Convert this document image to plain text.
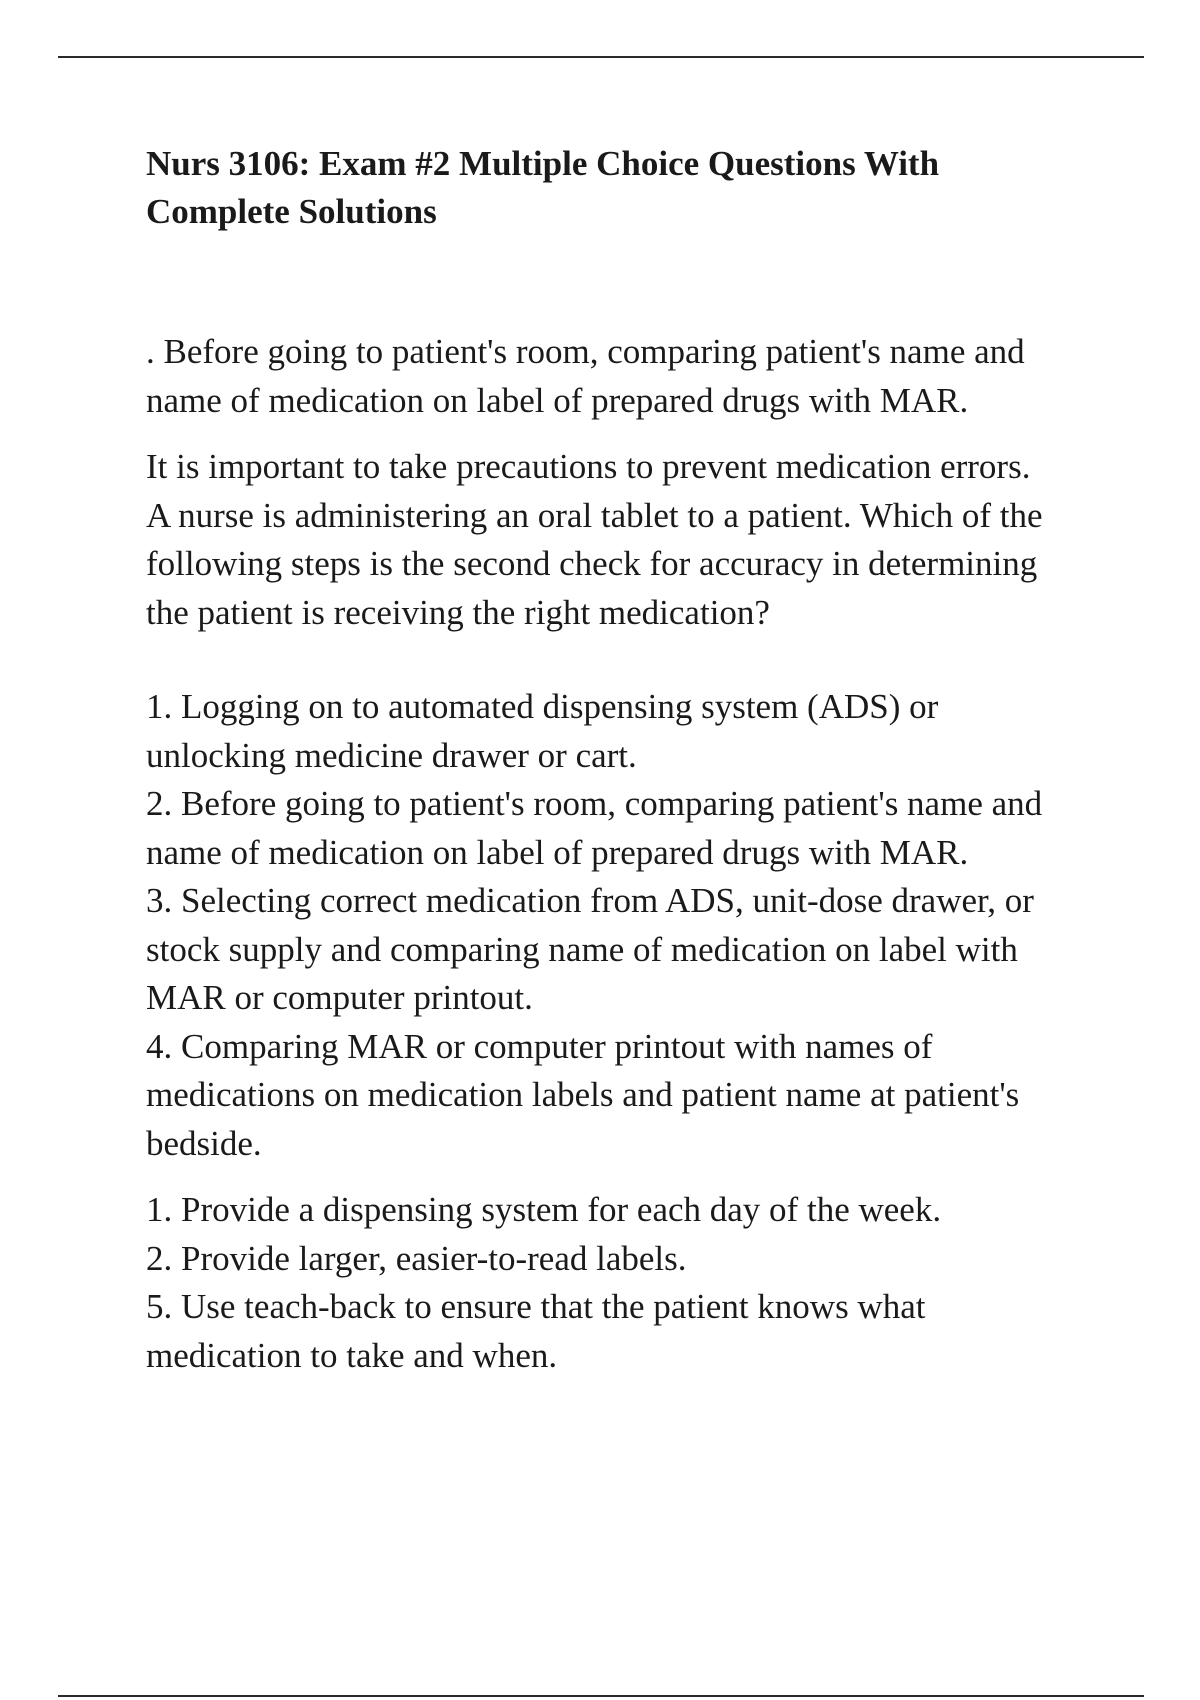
Nurs 3106: Exam #2 Multiple Choice Questions With
Complete Solutions

. Before going to patient's room, comparing patient's name and
name of medication on label of prepared drugs with MAR.

It is important to take precautions to prevent medication errors.
A nurse is administering an oral tablet to a patient. Which of the
following steps is the second check for accuracy in determining
the patient is receiving the right medication?

1. Logging on to automated dispensing system (ADS) or
unlocking medicine drawer or cart.
2. Before going to patient's room, comparing patient's name and
name of medication on label of prepared drugs with MAR.
3. Selecting correct medication from ADS, unit-dose drawer, or
stock supply and comparing name of medication on label with
MAR or computer printout.
4. Comparing MAR or computer printout with names of
medications on medication labels and patient name at patient's
bedside.

1. Provide a dispensing system for each day of the week.
2. Provide larger, easier-to-read labels.
5. Use teach-back to ensure that the patient knows what
medication to take and when.
